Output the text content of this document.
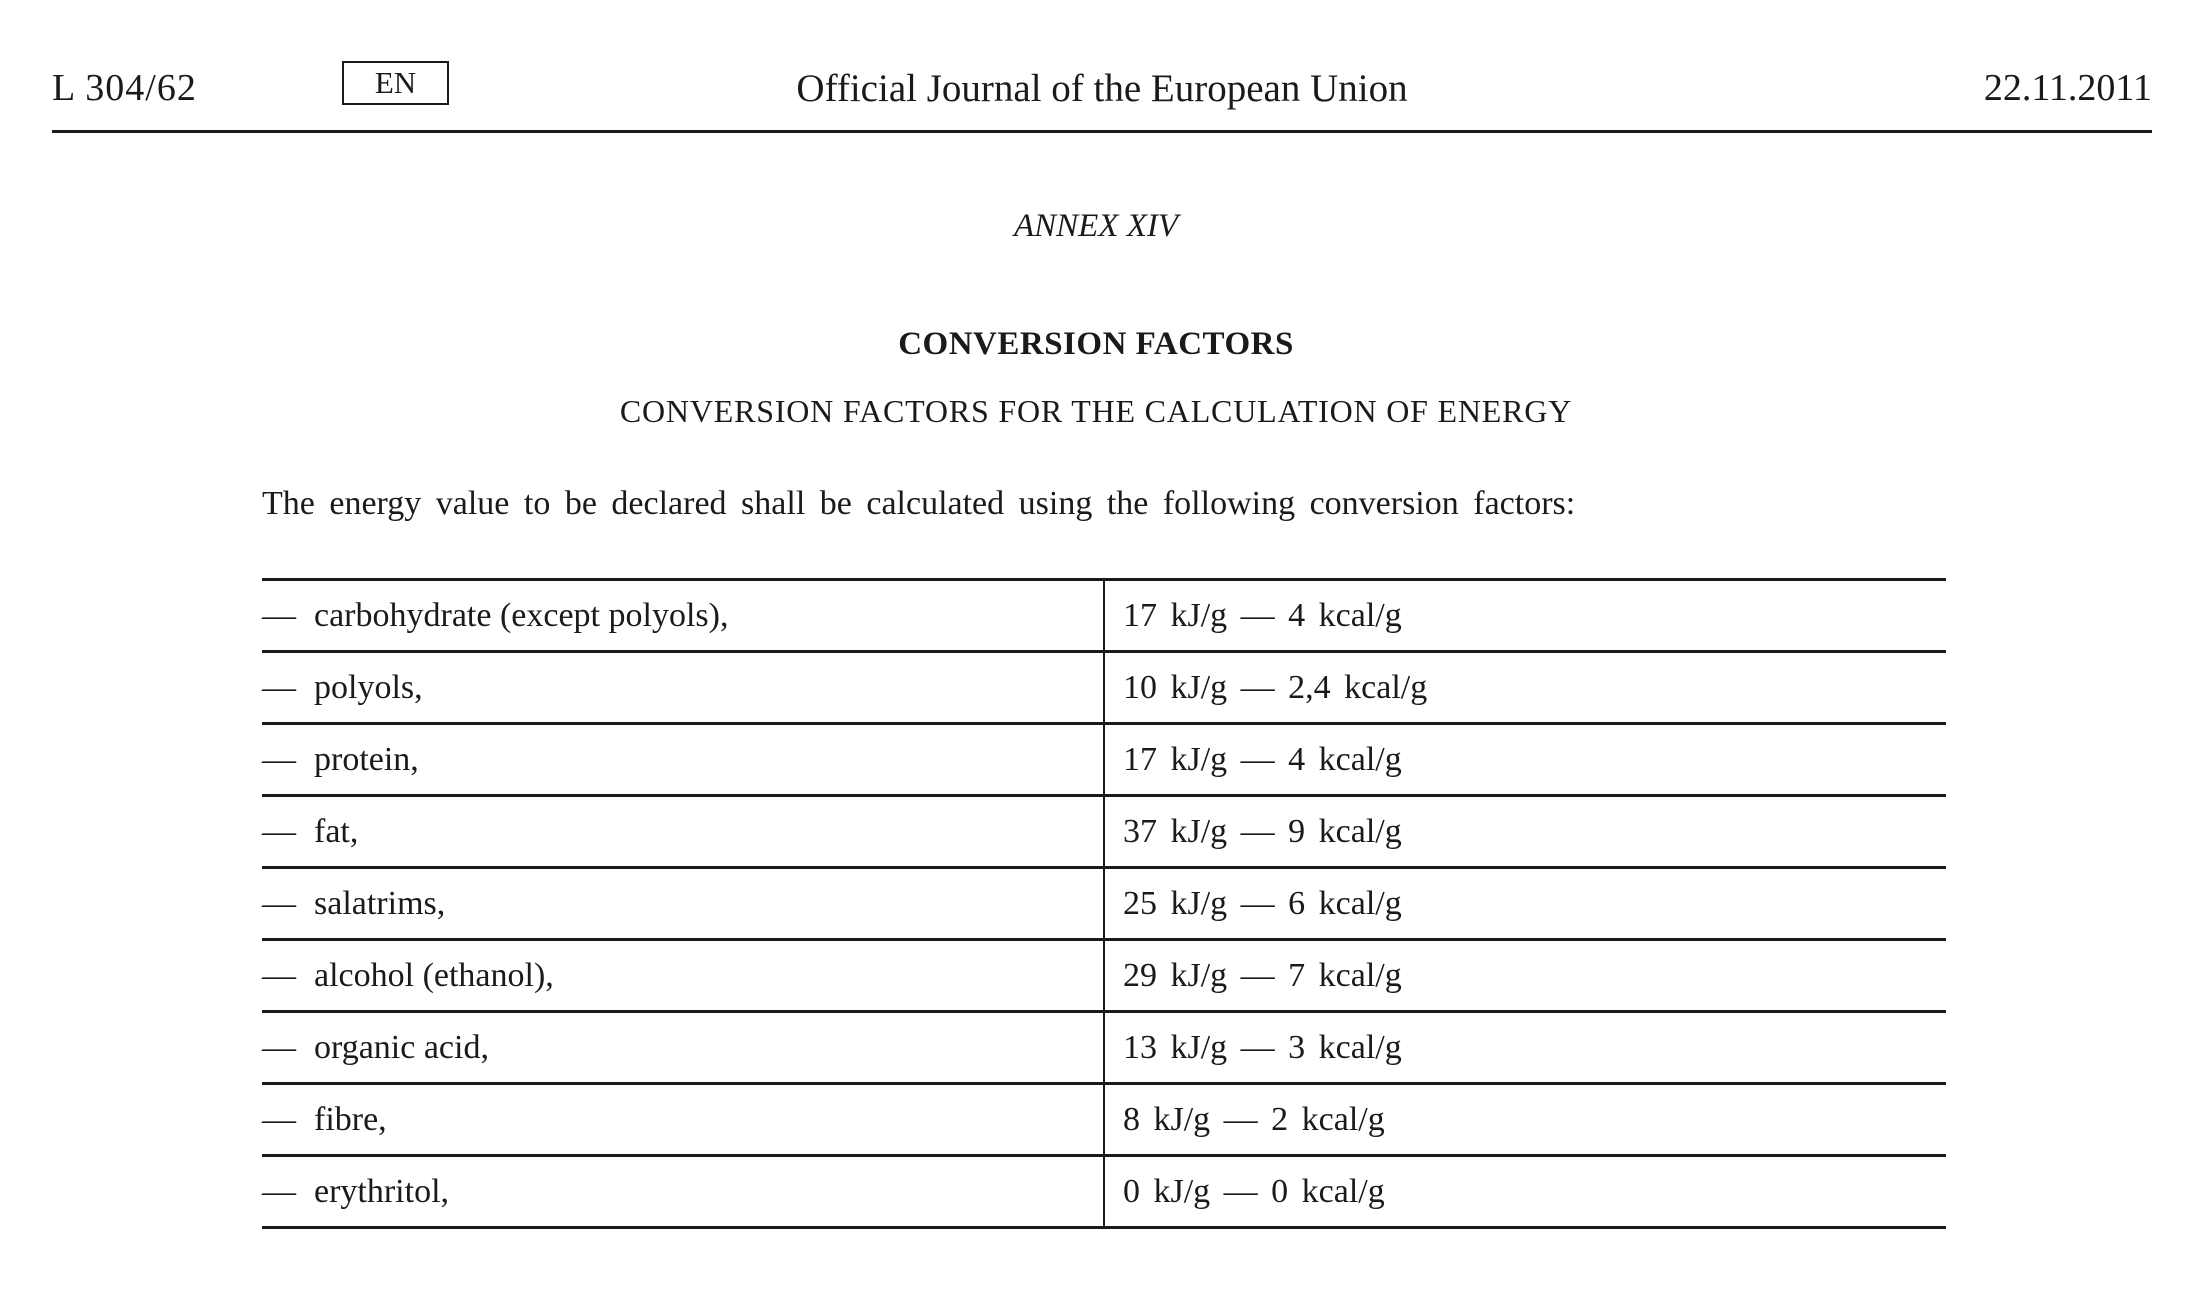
L 304/62	EN	Official Journal of the European Union	22.11.2011
ANNEX XIV
CONVERSION FACTORS
CONVERSION FACTORS FOR THE CALCULATION OF ENERGY
The energy value to be declared shall be calculated using the following conversion factors:
— carbohydrate (except polyols),	17 kJ/g — 4 kcal/g
— polyols,	10 kJ/g — 2,4 kcal/g
— protein,	17 kJ/g — 4 kcal/g
— fat,	37 kJ/g — 9 kcal/g
— salatrims,	25 kJ/g — 6 kcal/g
— alcohol (ethanol),	29 kJ/g — 7 kcal/g
— organic acid,	13 kJ/g — 3 kcal/g
— fibre,	8 kJ/g — 2 kcal/g
— erythritol,	0 kJ/g — 0 kcal/g
